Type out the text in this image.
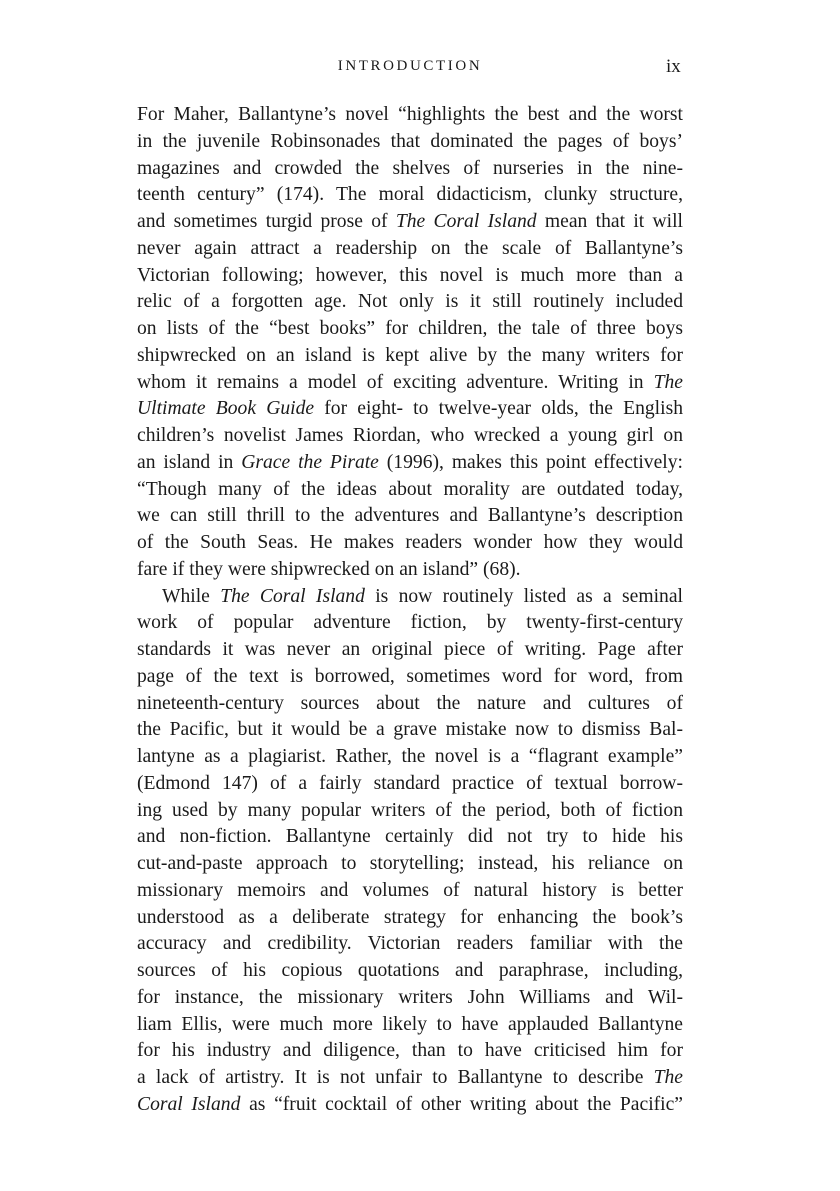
INTRODUCTION	ix
For Maher, Ballantyne’s novel “highlights the best and the worst
in the juvenile Robinsonades that dominated the pages of boys’
magazines and crowded the shelves of nurseries in the nine-
teenth century” (174). The moral didacticism, clunky structure,
and sometimes turgid prose of The Coral Island mean that it will
never again attract a readership on the scale of Ballantyne’s
Victorian following; however, this novel is much more than a
relic of a forgotten age. Not only is it still routinely included
on lists of the “best books” for children, the tale of three boys
shipwrecked on an island is kept alive by the many writers for
whom it remains a model of exciting adventure. Writing in The
Ultimate Book Guide for eight- to twelve-year olds, the English
children’s novelist James Riordan, who wrecked a young girl on
an island in Grace the Pirate (1996), makes this point effectively:
“Though many of the ideas about morality are outdated today,
we can still thrill to the adventures and Ballantyne’s description
of the South Seas. He makes readers wonder how they would
fare if they were shipwrecked on an island” (68).
While The Coral Island is now routinely listed as a seminal
work of popular adventure fiction, by twenty-first-century
standards it was never an original piece of writing. Page after
page of the text is borrowed, sometimes word for word, from
nineteenth-century sources about the nature and cultures of
the Pacific, but it would be a grave mistake now to dismiss Bal-
lantyne as a plagiarist. Rather, the novel is a “flagrant example”
(Edmond 147) of a fairly standard practice of textual borrow-
ing used by many popular writers of the period, both of fiction
and non-fiction. Ballantyne certainly did not try to hide his
cut-and-paste approach to storytelling; instead, his reliance on
missionary memoirs and volumes of natural history is better
understood as a deliberate strategy for enhancing the book’s
accuracy and credibility. Victorian readers familiar with the
sources of his copious quotations and paraphrase, including,
for instance, the missionary writers John Williams and Wil-
liam Ellis, were much more likely to have applauded Ballantyne
for his industry and diligence, than to have criticised him for
a lack of artistry. It is not unfair to Ballantyne to describe The
Coral Island as “fruit cocktail of other writing about the Pacific”
